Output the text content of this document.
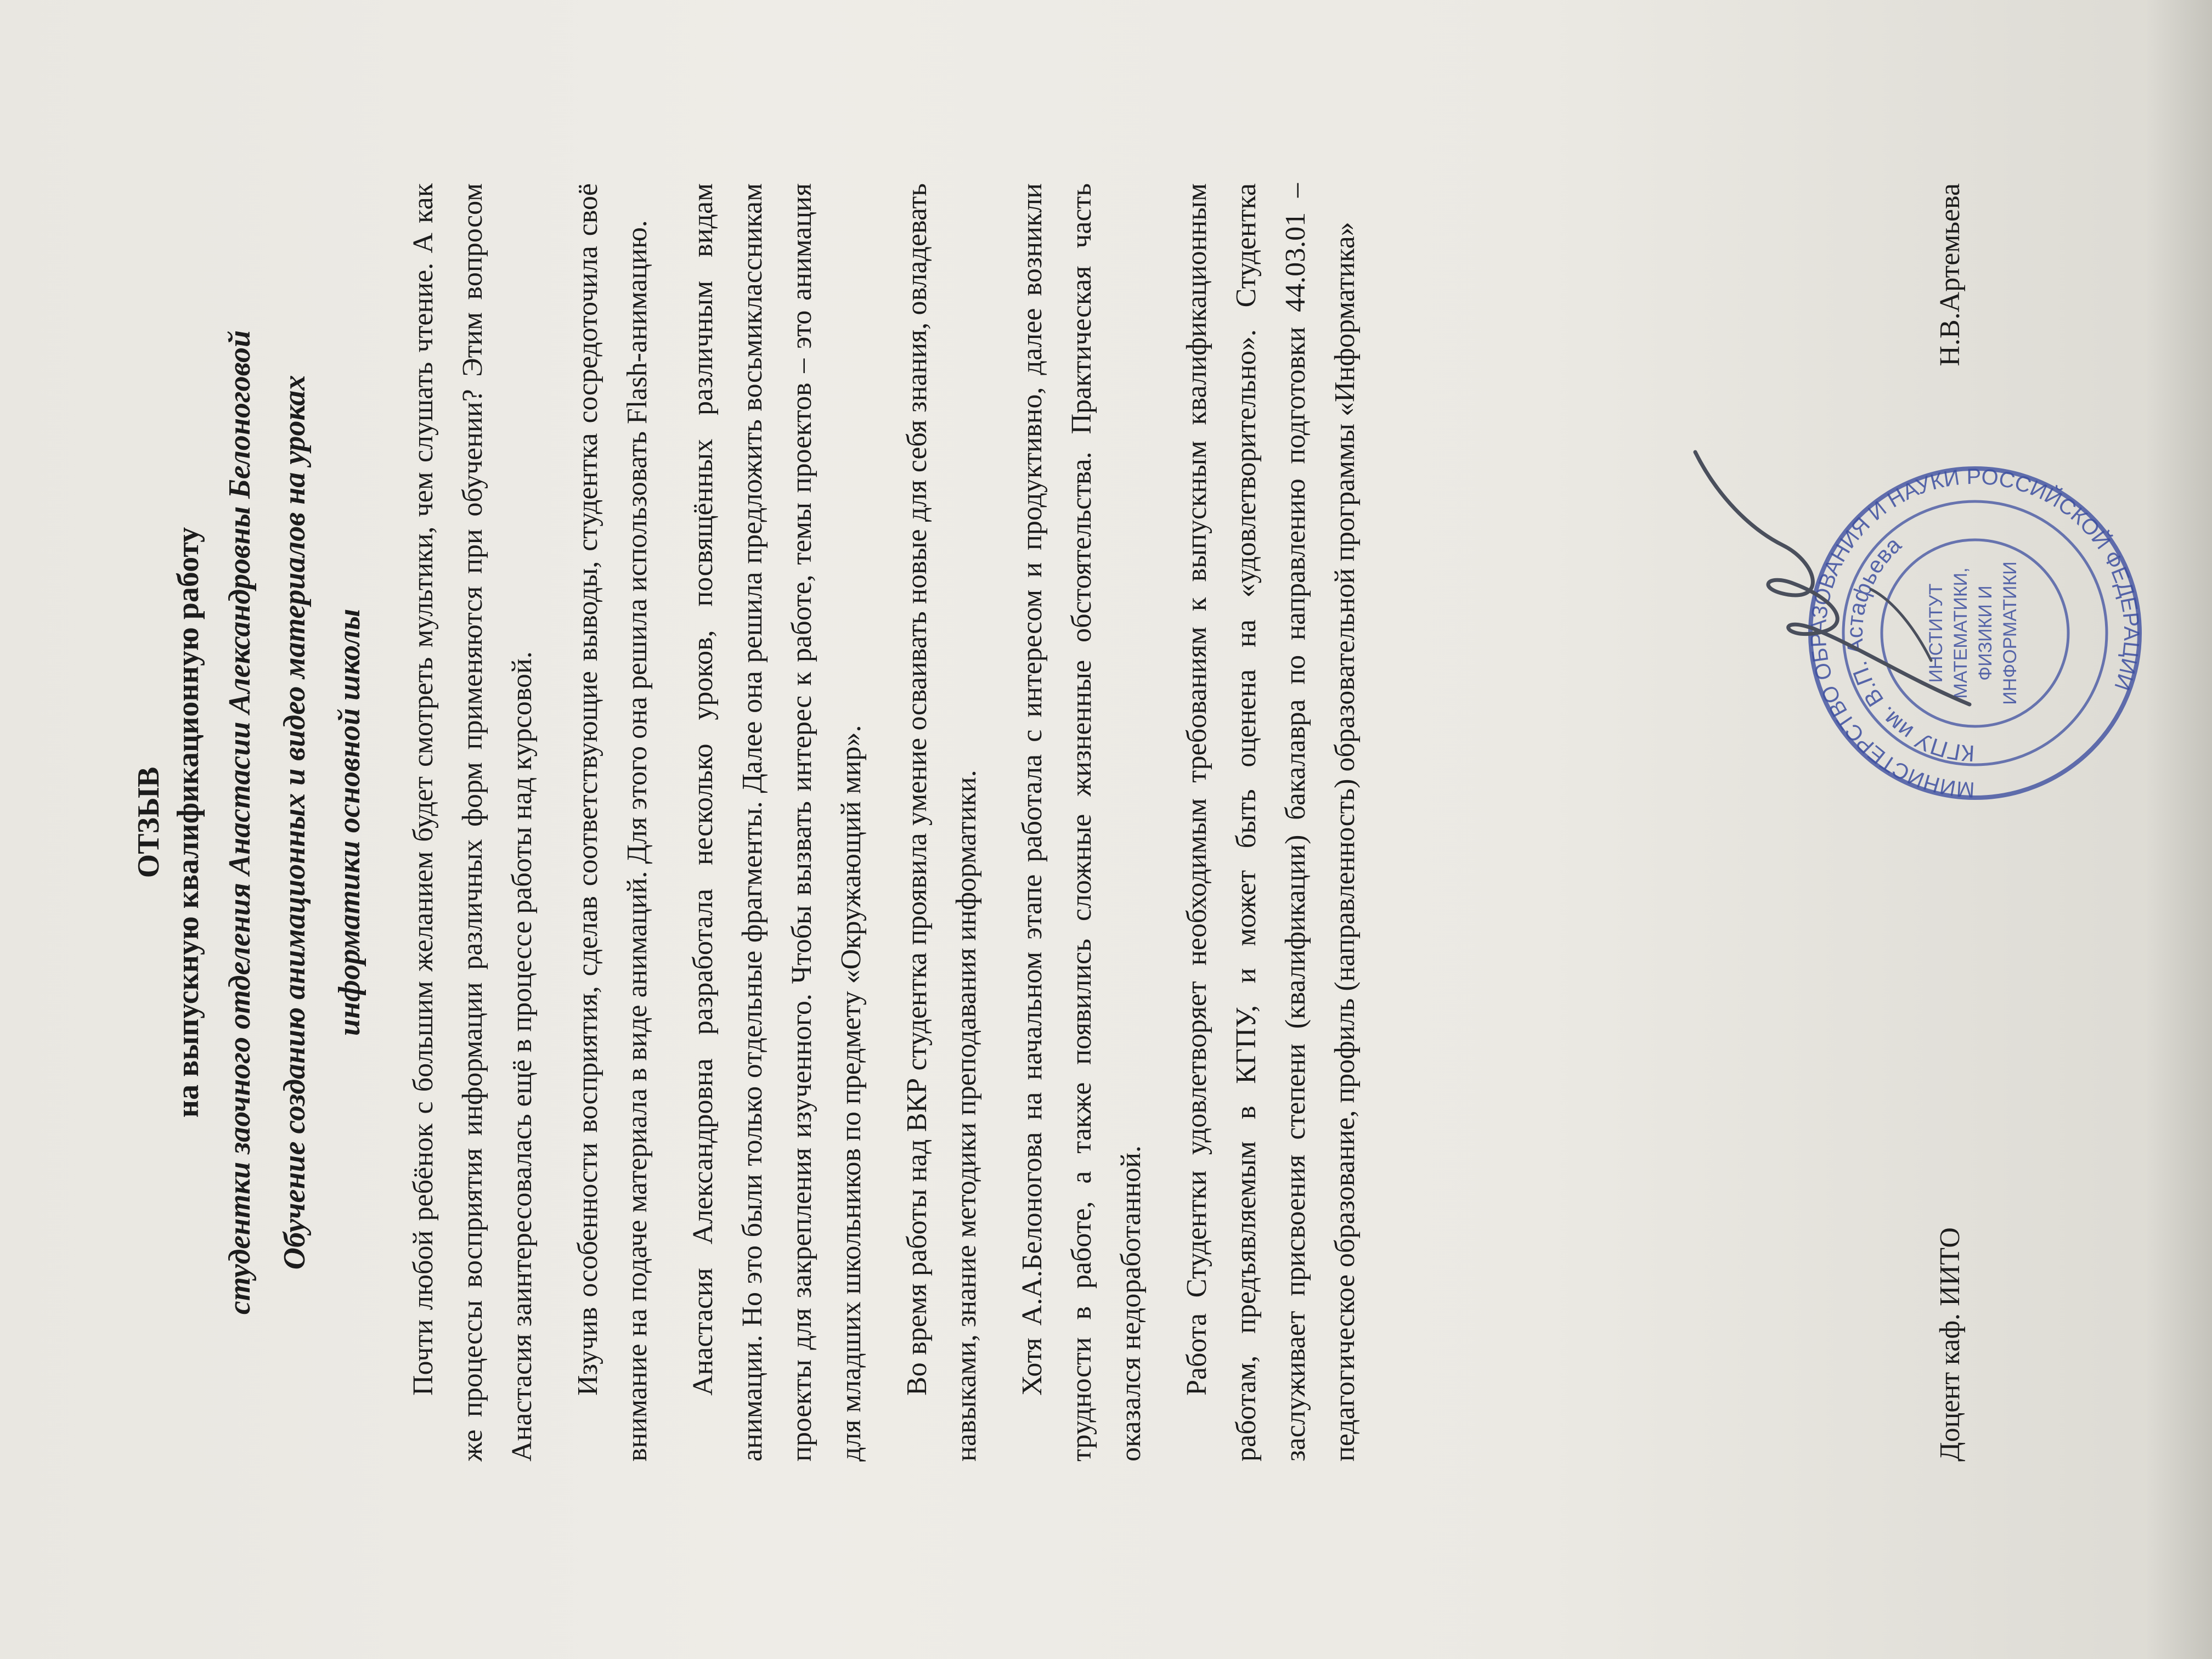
ОТЗЫВ на выпускную квалификационную работу студентки заочного отделения Анастасии Александровны Белоноговой Обучение созданию анимационных и видео материалов на уроках информатики основной школы	Почти любой ребёнок с большим желанием будет смотреть мультики, чем слушать чтение. А как же процессы восприятия информации различных форм применяются при обучении? Этим вопросом Анастасия заинтересовалась ещё в процессе работы над курсовой.	Изучив особенности восприятия, сделав соответствующие выводы, студентка сосредоточила своё внимание на подаче материала в виде анимаций. Для этого она решила использовать Flash-анимацию.	Анастасия Александровна разработала несколько уроков, посвящённых различным видам анимации. Но это были только отдельные фрагменты. Далее она решила предложить восьмиклассникам проекты для закрепления изученного. Чтобы вызвать интерес к работе, темы проектов – это анимация для младших школьников по предмету «Окружающий мир».	Во время работы над ВКР студентка проявила умение осваивать новые для себя знания, овладевать навыками, знание методики преподавания информатики.	Хотя А.А.Белоногова на начальном этапе работала с интересом и продуктивно, далее возникли трудности в работе, а также появились сложные жизненные обстоятельства. Практическая часть оказался недоработанной.	Работа Студентки удовлетворяет необходимым требованиям к выпускным квалификационным работам, предъявляемым в КГПУ, и может быть оценена на «удовлетворительно». Студентка заслуживает присвоения степени (квалификации) бакалавра по направлению подготовки 44.03.01 – педагогическое образование, профиль (направленность) образовательной программы «Информатика»	Доцент каф. ИИТО
Н.В.Артемьева
МИНИСТЕРСТВО ОБРАЗОВАНИЯ И НАУКИ РОССИЙСКОЙ ФЕДЕРАЦИИ
КГПУ им. В.П. Астафьева
ИНСТИТУТ МАТЕМАТИКИ, ФИЗИКИ И ИНФОРМАТИКИ
